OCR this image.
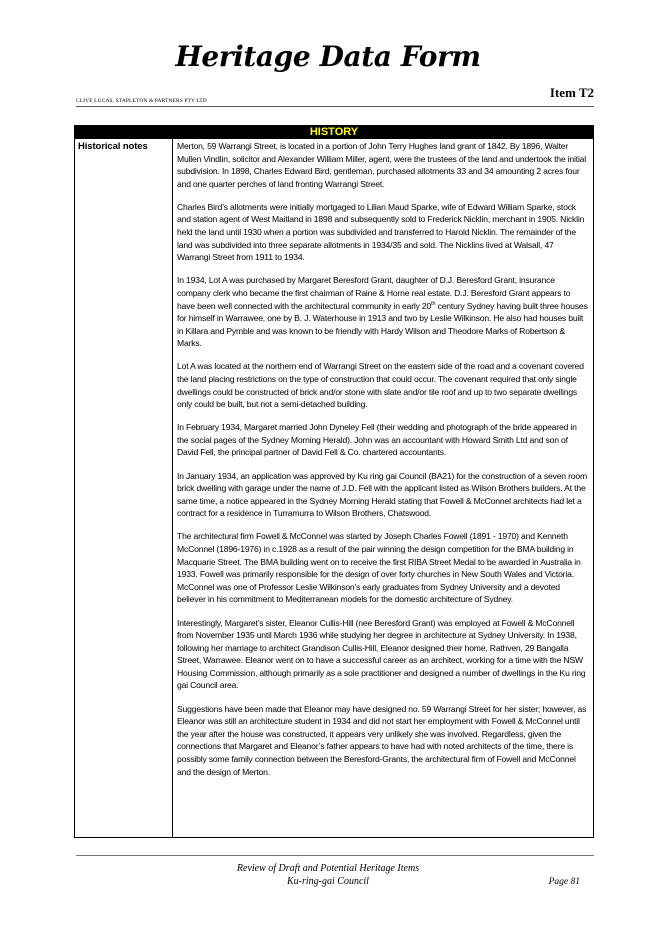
Heritage Data Form
Item T2
CLIVE LUCAS, STAPLETON & PARTNERS PTY LTD
HISTORY
Historical notes	Merton, 59 Warrangi Street, is located in a portion of John Terry Hughes land grant of 1842. By 1896, Walter Mullen Vindlin, solicitor and Alexander William Miller, agent, were the trustees of the land and undertook the initial subdivision. In 1898, Charles Edward Bird, gentleman, purchased allotments 33 and 34 amounting 2 acres four and one quarter perches of land fronting Warrangi Street.

Charles Bird’s allotments were initially mortgaged to Lilian Maud Sparke, wife of Edward William Sparke, stock and station agent of West Maitland in 1898 and subsequently sold to Frederick Nicklin, merchant in 1905. Nicklin held the land until 1930 when a portion was subdivided and transferred to Harold Nicklin. The remainder of the land was subdivided into three separate allotments in 1934/35 and sold. The Nicklins lived at Walsall, 47 Warrangi Street from 1911 to 1934.

In 1934, Lot A was purchased by Margaret Beresford Grant, daughter of D.J. Beresford Grant, insurance company clerk who became the first chairman of Raine & Horne real estate. D.J. Beresford Grant appears to have been well connected with the architectural community in early 20th century Sydney having built three houses for himself in Warrawee, one by B. J. Waterhouse in 1913 and two by Leslie Wilkinson. He also had houses built in Killara and Pymble and was known to be friendly with Hardy Wilson and Theodore Marks of Robertson & Marks.

Lot A was located at the northern end of Warrangi Street on the eastern side of the road and a covenant covered the land placing restrictions on the type of construction that could occur. The covenant required that only single dwellings could be constructed of brick and/or stone with slate and/or tile roof and up to two separate dwellings only could be built, but not a semi-detached building.

In February 1934, Margaret married John Dyneley Fell (their wedding and photograph of the bride appeared in the social pages of the Sydney Morning Herald). John was an accountant with Howard Smith Ltd and son of David Fell, the principal partner of David Fell & Co. chartered accountants.

In January 1934, an application was approved by Ku ring gai Council (BA21) for the construction of a seven room brick dwelling with garage under the name of J.D. Fell with the applicant listed as Wilson Brothers builders. At the same time, a notice appeared in the Sydney Morning Herald stating that Fowell & McConnel architects had let a contract for a residence in Turramurra to Wilson Brothers, Chatswood.

The architectural firm Fowell & McConnel was started by Joseph Charles Fowell (1891 - 1970) and Kenneth McConnel (1896-1976) in c.1928 as a result of the pair winning the design competition for the BMA building in Macquarie Street. The BMA building went on to receive the first RIBA Street Medal to be awarded in Australia in 1933. Fowell was primarily responsible for the design of over forty churches in New South Wales and Victoria. McConnel was one of Professor Leslie Wilkinson’s early graduates from Sydney University and a devoted believer in his commitment to Mediterranean models for the domestic architecture of Sydney.

Interestingly, Margaret’s sister, Eleanor Cullis-Hill (nee Beresford Grant) was employed at Fowell & McConnell from November 1935 until March 1936 while studying her degree in architecture at Sydney University. In 1938, following her marriage to architect Grandison Cullis-Hill, Eleanor designed their home, Rathven, 29 Bangalla Street, Warrawee. Eleanor went on to have a successful career as an architect, working for a time with the NSW Housing Commission, although primarily as a sole practitioner and designed a number of dwellings in the Ku ring gai Council area.

Suggestions have been made that Eleanor may have designed no. 59 Warrangi Street for her sister; however, as Eleanor was still an architecture student in 1934 and did not start her employment with Fowell & McConnel until the year after the house was constructed, it appears very unlikely she was involved. Regardless, given the connections that Margaret and Eleanor’s father appears to have had with noted architects of the time, there is possibly some family connection between the Beresford-Grants, the architectural firm of Fowell and McConnel and the design of Merton.

Review of Draft and Potential Heritage Items
Ku-ring-gai Council	Page 81
